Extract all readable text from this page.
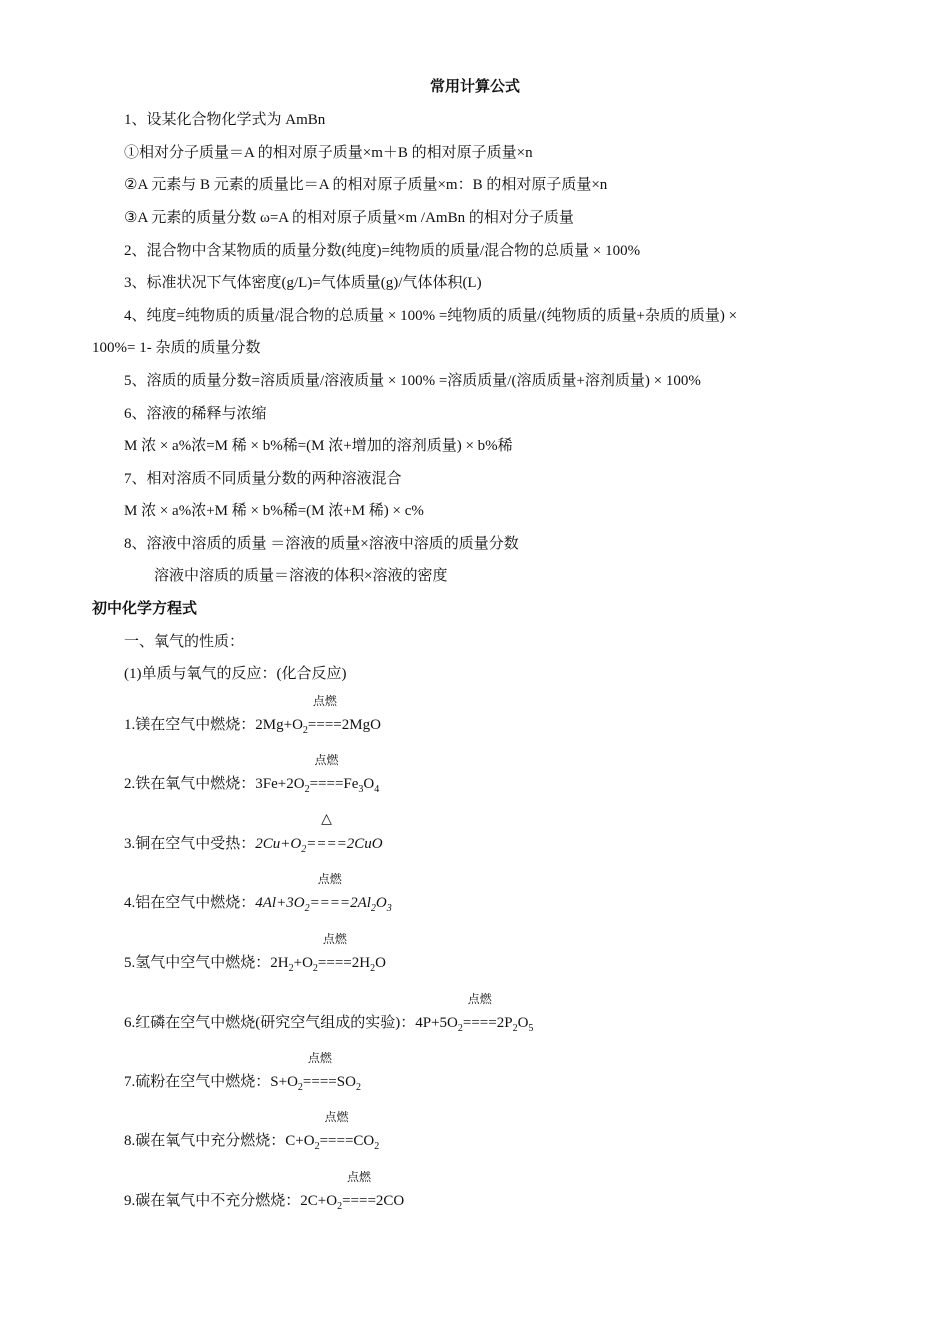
常用计算公式
1、设某化合物化学式为 AmBn
①相对分子质量＝A 的相对原子质量×m＋B 的相对原子质量×n
②A 元素与 B 元素的质量比＝A 的相对原子质量×m：B 的相对原子质量×n
③A 元素的质量分数 ω=A 的相对原子质量×m /AmBn 的相对分子质量
2、混合物中含某物质的质量分数(纯度)=纯物质的质量/混合物的总质量 × 100%
3、标准状况下气体密度(g/L)=气体质量(g)/气体体积(L)
4、纯度=纯物质的质量/混合物的总质量 × 100% =纯物质的质量/(纯物质的质量+杂质的质量) ×
100%= 1- 杂质的质量分数
5、溶质的质量分数=溶质质量/溶液质量 × 100% =溶质质量/(溶质质量+溶剂质量) × 100%
6、溶液的稀释与浓缩
M 浓 × a%浓=M 稀 × b%稀=(M 浓+增加的溶剂质量) × b%稀
7、相对溶质不同质量分数的两种溶液混合
M 浓 × a%浓+M 稀 × b%稀=(M 浓+M 稀) × c%
8、溶液中溶质的质量 ＝溶液的质量×溶液中溶质的质量分数
溶液中溶质的质量＝溶液的体积×溶液的密度
初中化学方程式
一、氧气的性质：
(1)单质与氧气的反应：(化合反应)
1.镁在空气中燃烧：$2Mg+O_2$
点燃
====2MgO
2.铁在氧气中燃烧：$3Fe+2O_2$
点燃
$====Fe_3O_4$
3.铜在空气中受热：$2Cu+O_2$
△
====2CuO
4.铝在空气中燃烧：$4Al+3O_2$
点燃
$====2Al_2O_3$
5.氢气中空气中燃烧：$2H_2+O_2$
点燃
$====2H_2O$
6.红磷在空气中燃烧(研究空气组成的实验)：$4P+5O_2$
点燃
$====2P_2O_5$
7.硫粉在空气中燃烧：$S+O_2$
点燃
$====SO_2$
8.碳在氧气中充分燃烧：$C+O_2$
点燃
$====CO_2$
9.碳在氧气中不充分燃烧：$2C+O_2$
点燃
====2CO
